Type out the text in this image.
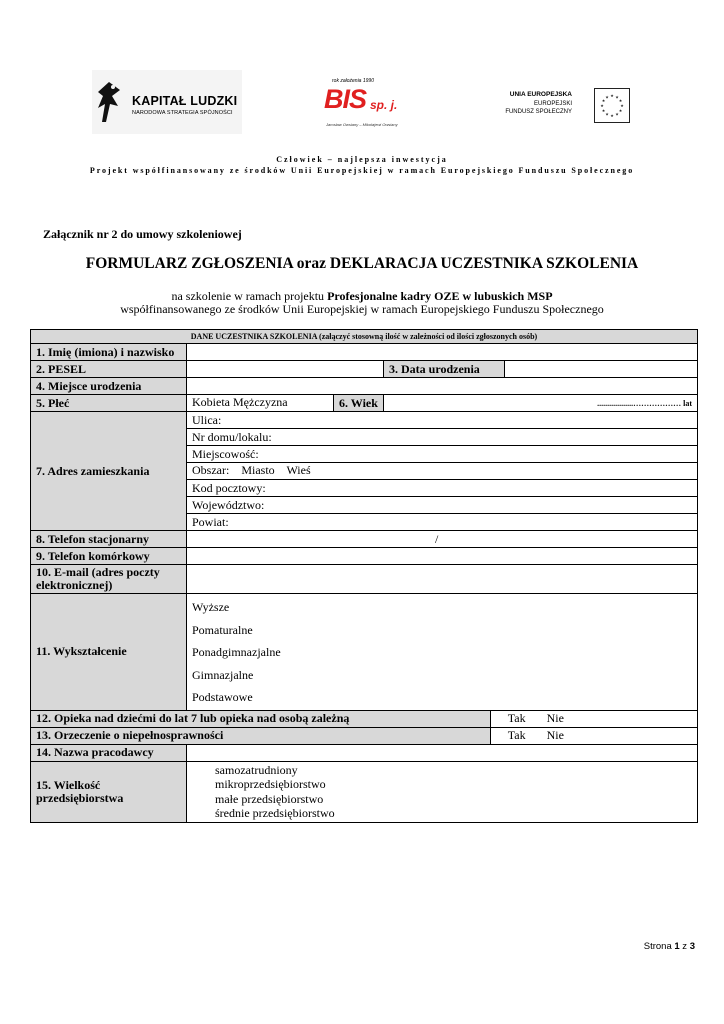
KAPITAŁ LUDZKI
NARODOWA STRATEGIA SPÓJNOŚCI
rok założenia 1990
BIS sp. j.
Jarosław Owsiany – Mikołajewi Owsiany
UNIA EUROPEJSKA
EUROPEJSKI
FUNDUSZ SPOŁECZNY
★ ★
★
★
★
★
★
★
★
★
★
★
Człowiek – najlepsza inwestycja
Projekt współfinansowany ze środków Unii Europejskiej w ramach Europejskiego Funduszu Społecznego
Załącznik nr 2 do umowy szkoleniowej
FORMULARZ ZGŁOSZENIA oraz DEKLARACJA UCZESTNIKA SZKOLENIA
na szkolenie w ramach projektu Profesjonalne kadry OZE w lubuskich MSP
współfinansowanego ze środków Unii Europejskiej w ramach Europejskiego Funduszu Społecznego
DANE UCZESTNIKA SZKOLENIA (załączyć stosowną ilość w zależności od ilości zgłoszonych osób)					
1. Imię (imiona) i nazwisko					
2. PESEL			3. Data urodzenia		
4. Miejsce urodzenia					
5. Płeć	Kobieta Mężczyzna	6. Wiek	..................……………… lat		
7. Adres zamieszkania	Ulica:				
	Nr domu/lokalu:				
	Miejscowość:				
	Obszar:    Miasto    Wieś				
	Kod pocztowy:				
	Województwo:				
	Powiat:				
8. Telefon stacjonarny	/				
9. Telefon komórkowy					
10. E-mail (adres poczty elektronicznej)					
11. Wykształcenie	Wyższe
Pomaturalne
Ponadgimnazjalne
Gimnazjalne
Podstawowe				

12. Opieka nad dziećmi do lat 7 lub opieka nad osobą zależną				Tak Nie	
13. Orzeczenie o niepełnosprawności				Tak Nie	
14. Nazwa pracodawcy					
15. Wielkość przedsiębiorstwa	samozatrudniony
mikroprzedsiębiorstwo
małe przedsiębiorstwo
średnie przedsiębiorstwo				
Strona 1 z 3
